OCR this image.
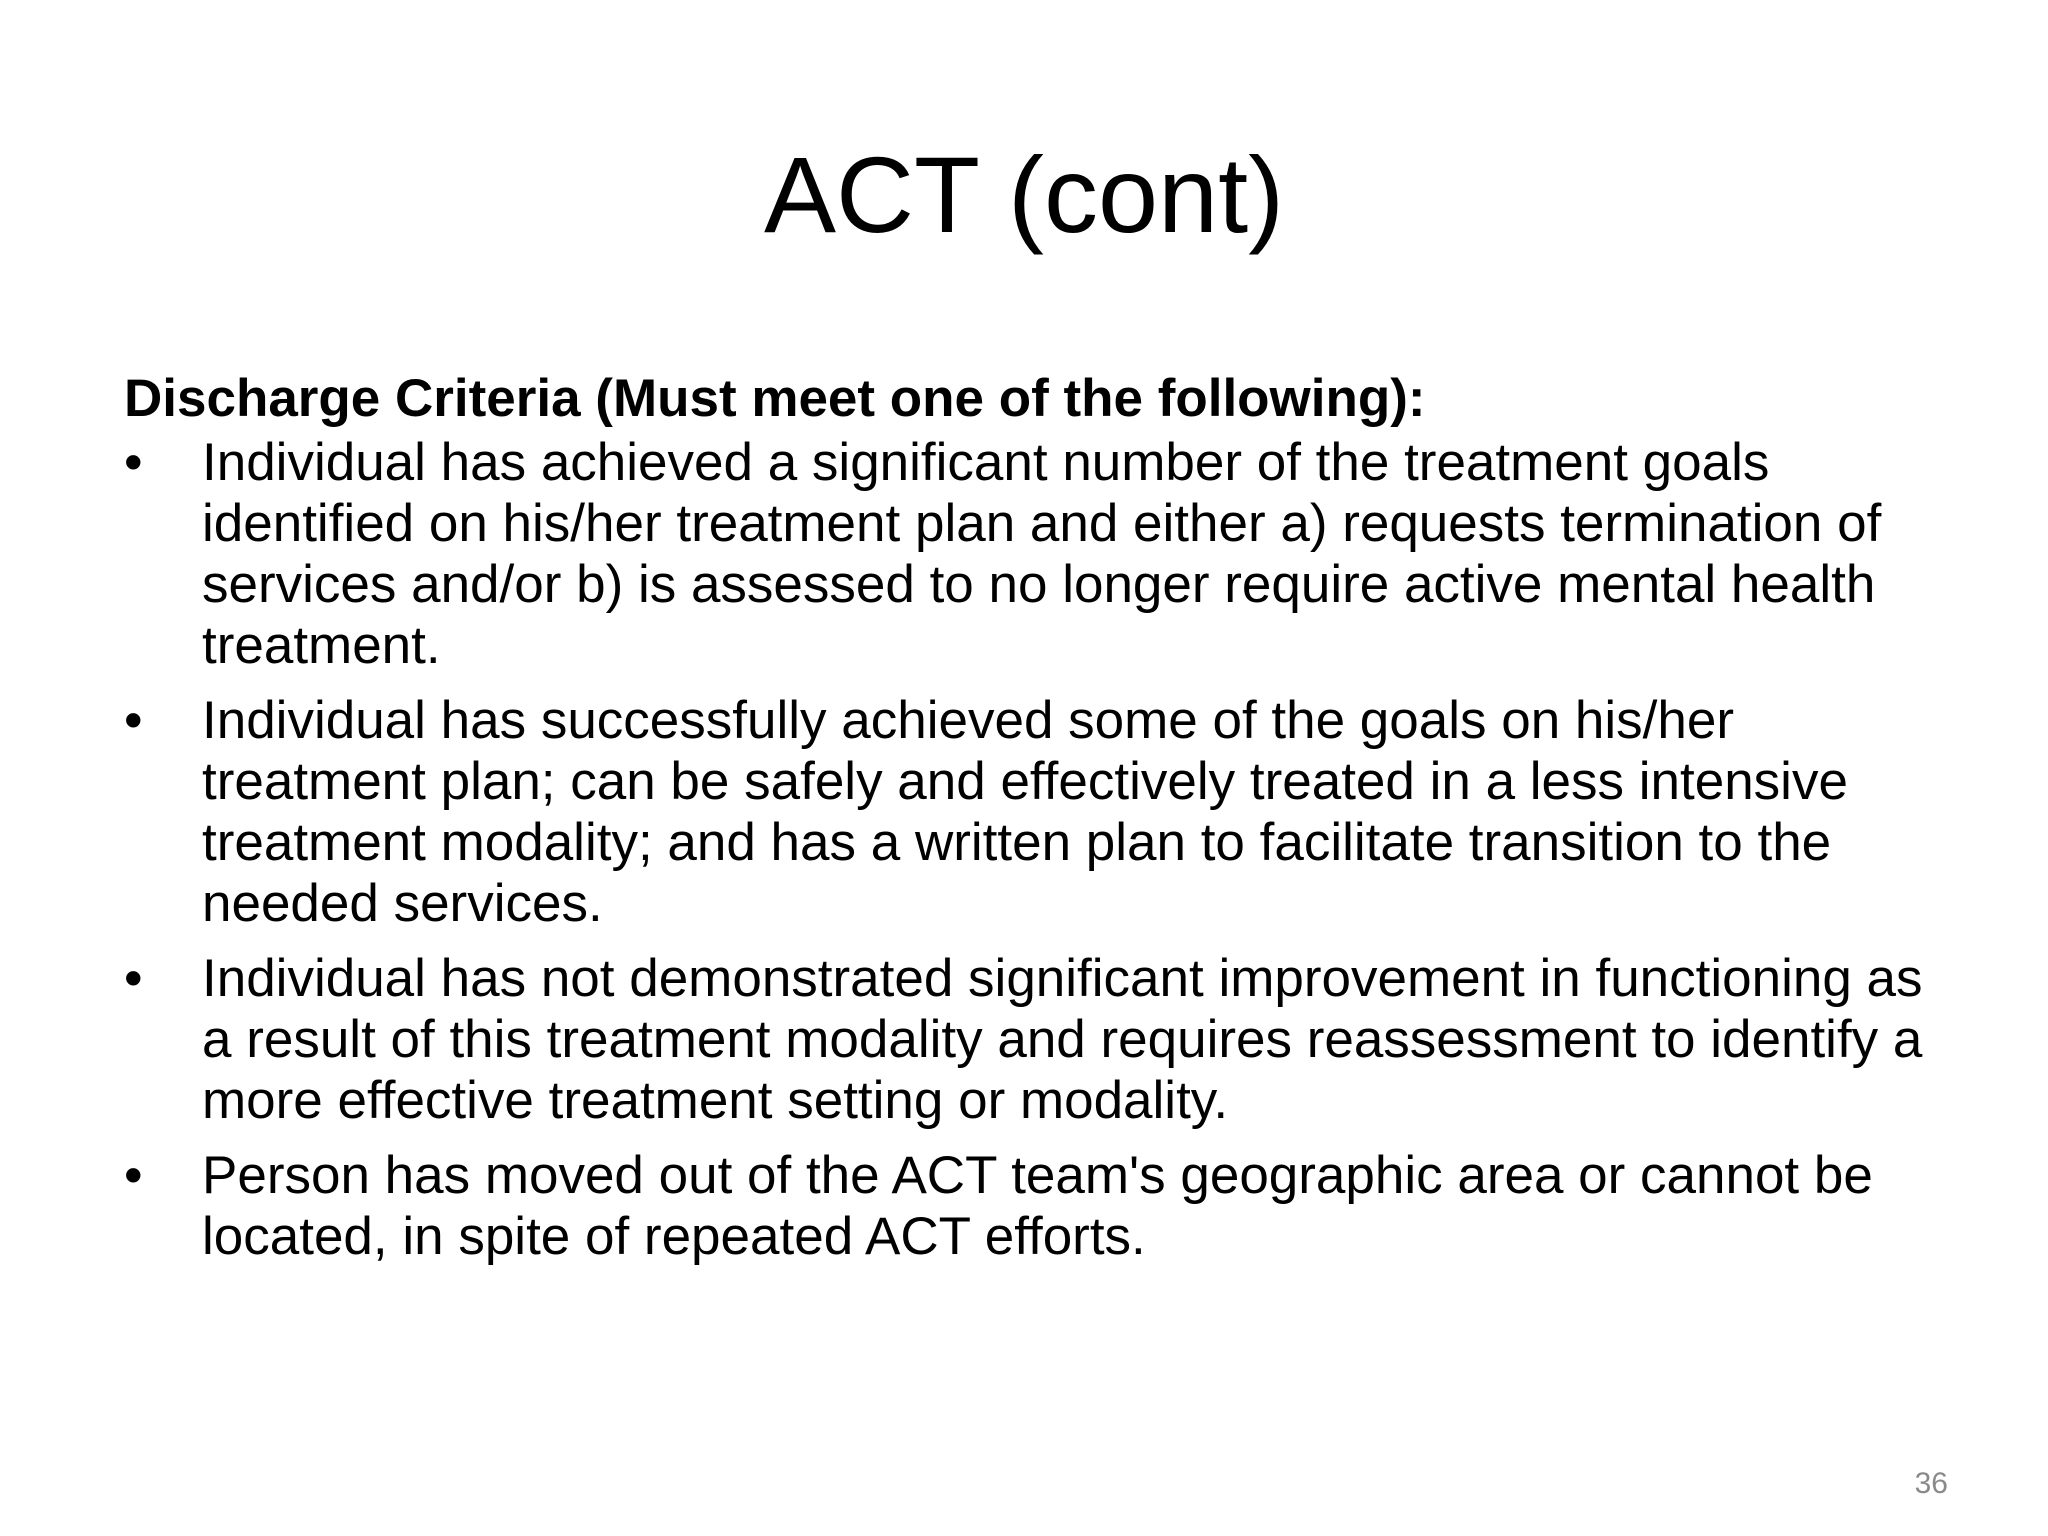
ACT (cont)

Discharge Criteria (Must meet one of the following):

•	Individual has achieved a significant number of the treatment goals identified on his/her treatment plan and either a) requests termination of services and/or b) is assessed to no longer require active mental health treatment.
•	Individual has successfully achieved some of the goals on his/her treatment plan; can be safely and effectively treated in a less intensive treatment modality; and has a written plan to facilitate transition to the needed services.
•	Individual has not demonstrated significant improvement in functioning as a result of this treatment modality and requires reassessment to identify a more effective treatment setting or modality.
•	Person has moved out of the ACT team's geographic area or cannot be located, in spite of repeated ACT efforts.
36
